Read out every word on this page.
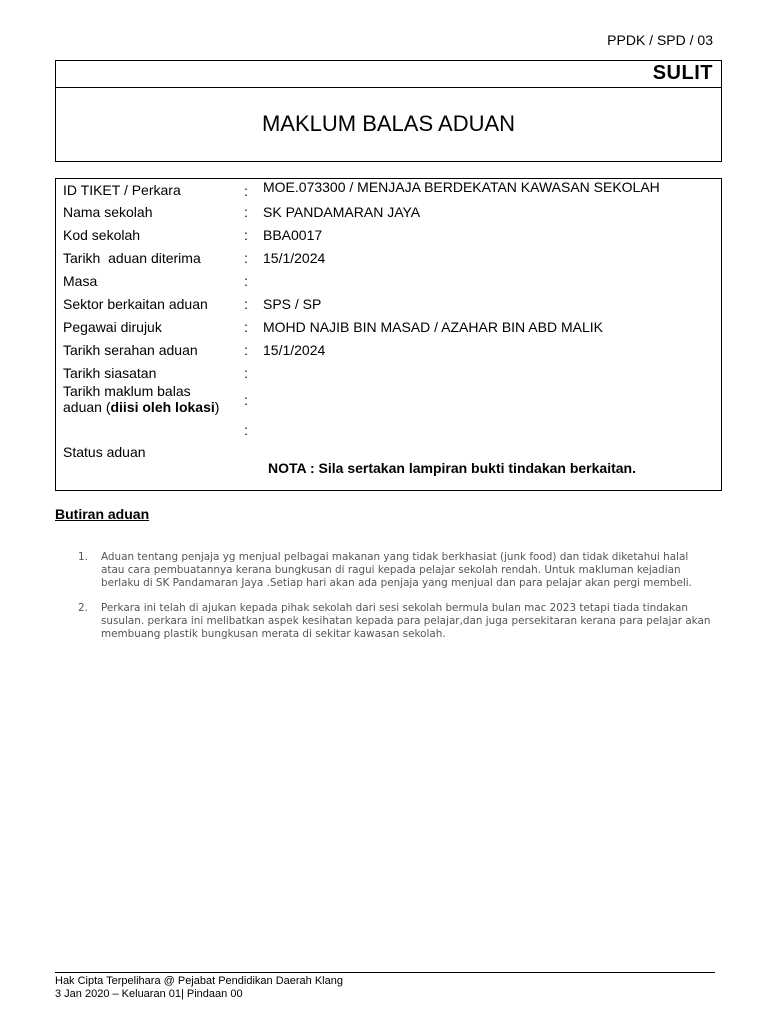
PPDK / SPD / 03
SULIT
MAKLUM BALAS ADUAN
ID TIKET / Perkara	: MOE.073300 / MENJAJA BERDEKATAN KAWASAN SEKOLAH
Nama sekolah	: SK PANDAMARAN JAYA
Kod sekolah	: BBA0017
Tarikh  aduan diterima	: 15/1/2024
Masa	:
Sektor berkaitan aduan	: SPS / SP
Pegawai dirujuk	: MOHD NAJIB BIN MASAD / AZAHAR BIN ABD MALIK
Tarikh serahan aduan	: 15/1/2024
Tarikh siasatan	:
Tarikh maklum balas
aduan (diisi oleh lokasi)	:
:
Status aduan
NOTA : Sila sertakan lampiran bukti tindakan berkaitan.
Butiran aduan
1. Aduan tentang penjaja yg menjual pelbagai makanan yang tidak berkhasiat (junk food) dan tidak diketahui halal atau cara pembuatannya kerana bungkusan di ragui kepada pelajar sekolah rendah. Untuk makluman kejadian berlaku di SK Pandamaran Jaya .Setiap hari akan ada penjaja yang menjual dan para pelajar akan pergi membeli.
2. Perkara ini telah di ajukan kepada pihak sekolah dari sesi sekolah bermula bulan mac 2023 tetapi tiada tindakan susulan. perkara ini melibatkan aspek kesihatan kepada para pelajar,dan juga persekitaran kerana para pelajar akan membuang plastik bungkusan merata di sekitar kawasan sekolah.
Hak Cipta Terpelihara @ Pejabat Pendidikan Daerah Klang
3 Jan 2020 – Keluaran 01| Pindaan 00
